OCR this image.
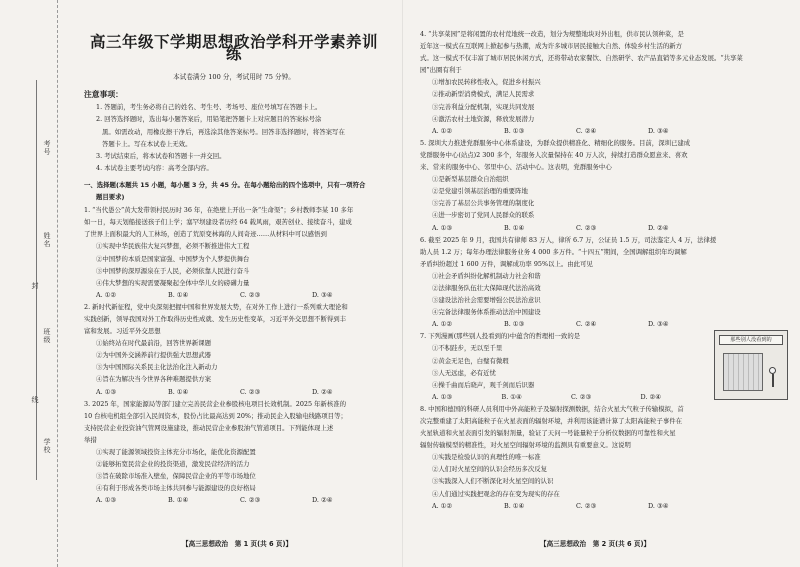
考号
姓名
封
班级
线
学校
高三年级下学期思想政治学科开学素养训练
本试卷满分 100 分，考试用时 75 分钟。
注意事项：
1. 答题前，考生务必将自己的姓名、考生号、考场号、座位号填写在答题卡上。
2. 回答选择题时，选出每小题答案后，用铅笔把答题卡上对应题目的答案标号涂
黑。如需改动，用橡皮擦干净后，再选涂其他答案标号。回答非选择题时，将答案写在
答题卡上。写在本试卷上无效。
3. 考试结束后，将本试卷和答题卡一并交回。
4. 本试卷主要考试内容：高考全部内容。
一、选择题(本题共 15 小题，每小题 3 分，共 45 分。在每小题给出的四个选项中，只有一项符合
题目要求)
1. “当代愚公”黄大发带领村民历时 36 年，在绝壁上开出一条“生命渠”；乡村教师李某 10 多年
如一日，每天划船接送孩子们上学；塞罕坝建设者历经 64 载风雨，艰苦创业、接续奋斗，建成
了世界上面积最大的人工林场，创造了荒原变林海的人间奇迹……从材料中可以感悟到
①实现中华民族伟大复兴梦想，必须不断推进伟大工程
②中国梦的本质是国家富强、中国梦为个人梦提供舞台
③中国梦的深厚源泉在于人民，必须依靠人民进行奋斗
④伟大梦想的实现需要凝聚起全体中华儿女的磅礴力量
A. ①②	B. ①④	C. ②③	D. ③④
2. 新时代新征程，党中央深刻把握中国和世界发展大势，在对外工作上进行一系列重大理论和
实践创新，领导我国对外工作取得历史性成就、发生历史性变革，习近平外交思想不断得到丰
富和发展。习近平外交思想
①始终站在时代最前沿，回答世界新课题
②为中国外交涵养前行提供强大思想武器
③为中国国际关系民主化法治化注入新动力
④旨在为解决当今世界各种难题提供方案
A. ①③	B. ①④	C. ②③	D. ②④
3. 2025 年，国家能源局等部门建立完善民营企业参股核电项目长效机制。2025 年新核准的
10 台核电机组全部引入民间资本，股份占比最高达到 20%；推动民企入股输电线路项目等；
支持民营企业投资油气管网设施建设，推动民营企业参股油气管道项目。下列能体现上述
举措
①实现了能源领域投资主体充分市场化，能优化资源配置
②能够拓宽民营企业的投资渠道，激发民营经济的活力
③旨在破除市场准入壁垒，保障民营企业的平等市场地位
④有利于形成各类市场主体共同参与能源建设的良好格局
A. ①③	B. ①④	C. ②③	D. ②④
4. “共享菜园”是将闲置的农村荒地统一改造，划分为规整地块对外出租，供市民认领种菜，是
近年这一模式在互联网上掀起参与热潮，成为许多城市居民接触大自然、体验乡村生活的新方
式。这一模式不仅丰富了城市居民休闲方式，还将带动农家餐饮、自然研学、农产品直销等多元业态发展。“共享菜
园”出圈有利于
①增加农民转移性收入，促进乡村振兴
②推动新型消费模式，满足人民需求
③完善利益分配机制，实现共同发展
④激活农村土地资源，释放发展潜力
A. ①②	B. ①③	C. ②④	D. ③④
5. 深圳大力推进党群服务中心体系建设，为群众提供精准化、精细化的服务。目前，深圳已建成
党群服务中心(站点)2 300 多个，年服务人次量保持在 40 万人次，持续打造群众愿意来、喜欢
来、常来的服务中心、邻里中心、活动中心。这表明，党群服务中心
①是新型基层群众自治组织
②是党建引领基层治理的重要阵地
③完善了基层公共事务管理的制度化
④进一步密切了党同人民群众的联系
A. ①③	B. ①④	C. ②③	D. ②④
6. 截至 2025 年 9 月，我国共有律师 83 万人，律所 6.7 万，公证员 1.5 万，司法鉴定人 4 万，法律援
助人员 1.2 万；每年办理法律服务业务 4 000 多万件。“十四五”期间，全国调解组织年均调解
矛盾纠纷超过 1 600 万件，调解成功率 95%以上。由此可见
①社会矛盾纠纷化解机制动力社会和谐
②法律服务队伍壮大保障现代法治高效
③建设法治社会需要增强公民法治意识
④完备法律服务体系推动法治中国建设
A. ①②	B. ①③	C. ②④	D. ③④
7. 下列漫画(那些别人投看到的)中蕴含的哲理相一致的是
①不积跬步，无以至千里
②黄金无足色，白璧有微瑕
③人无远虑，必有近忧
④操千曲而后晓声，观千剑而后识器
A. ①③	B. ①④	C. ②③	D. ②④
8. 中国和德国的科研人员利用中外高能粒子及辐射探测数据，结合火星大气粒子传输模拟，首
次完整重建了太阳高能粒子在火星表面的辐射环境，并利用该能谱计算了太阳高能粒子事件在
火星轨道和火星表面引发的辐射剂量，验证了天问一号能量粒子分析仪数据的可靠性和火星
辐射传输模型的精准性，对火星空间辐射环境的监测具有重要意义。这说明
①实践是检验认识的真理性的唯一标准
②人们对火星空间的认识会经历多次反复
③实践深入人们不断深化对火星空间的认识
④人们通过实践把观念的存在变为现实的存在
A. ①②	B. ①④	C. ②③	D. ③④
那些别人没看到的
【高三思想政治　第 1 页(共 6 页)】	【高三思想政治　第 2 页(共 6 页)】
